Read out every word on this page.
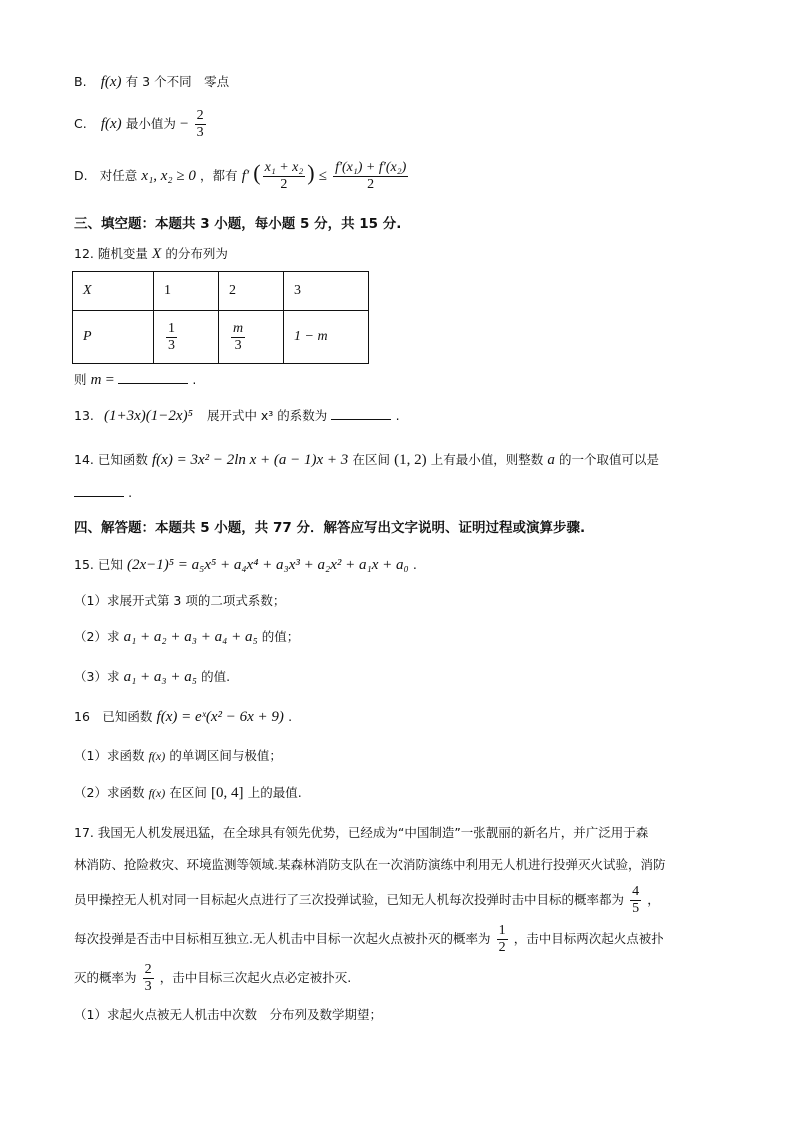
B. f(x) 有 3 个不同　零点
C. f(x) 最小值为 − $\frac{2}{3}$
D. 对任意 x₁, x₂ ≥ 0 ，都有 f′ ( $\frac{\text{x₁ + x₂}}{2}$ ) ≤ $\frac{\text{f′(x₁) + f′(x₂)}}{2}$
三、填空题：本题共 3 小题，每小题 5 分，共 15 分.
12. 随机变量 X 的分布列为
X	1	2	3
P	$\frac{1}{3}$	$\frac{m}{3}$	1 − m
则 m =	.
13. (1+3x)(1−2x)⁵ 展开式中 x³ 的系数为	.
14. 已知函数 f(x) = 3x² − 2ln x + (a − 1)x + 3 在区间 (1, 2) 上有最小值，则整数 a 的一个取值可以是
.
四、解答题：本题共 5 小题，共 77 分．解答应写出文字说明、证明过程或演算步骤.
15. 已知 (2x−1)⁵ = a₅x⁵ + a₄x⁴ + a₃x³ + a₂x² + a₁x + a₀ .
（1）求展开式第 3 项的二项式系数；
（2）求 a₁ + a₂ + a₃ + a₄ + a₅ 的值；
（3）求 a₁ + a₃ + a₅ 的值.
16　已知函数 f(x) = eˣ(x² − 6x + 9) .
（1）求函数 f(x) 的单调区间与极值；
（2）求函数 f(x) 在区间 [0, 4] 上的最值.
17. 我国无人机发展迅猛，在全球具有领先优势，已经成为“中国制造”一张靓丽的新名片，并广泛用于森
林消防、抢险救灾、环境监测等领域.某森林消防支队在一次消防演练中利用无人机进行投弹灭火试验，消防
员甲操控无人机对同一目标起火点进行了三次投弹试验，已知无人机每次投弹时击中目标的概率都为 $\frac{4}{5}$ ，
每次投弹是否击中目标相互独立.无人机击中目标一次起火点被扑灭的概率为 $\frac{1}{2}$ ，击中目标两次起火点被扑
灭的概率为 $\frac{2}{3}$ ，击中目标三次起火点必定被扑灭.
（1）求起火点被无人机击中次数　分布列及数学期望；
